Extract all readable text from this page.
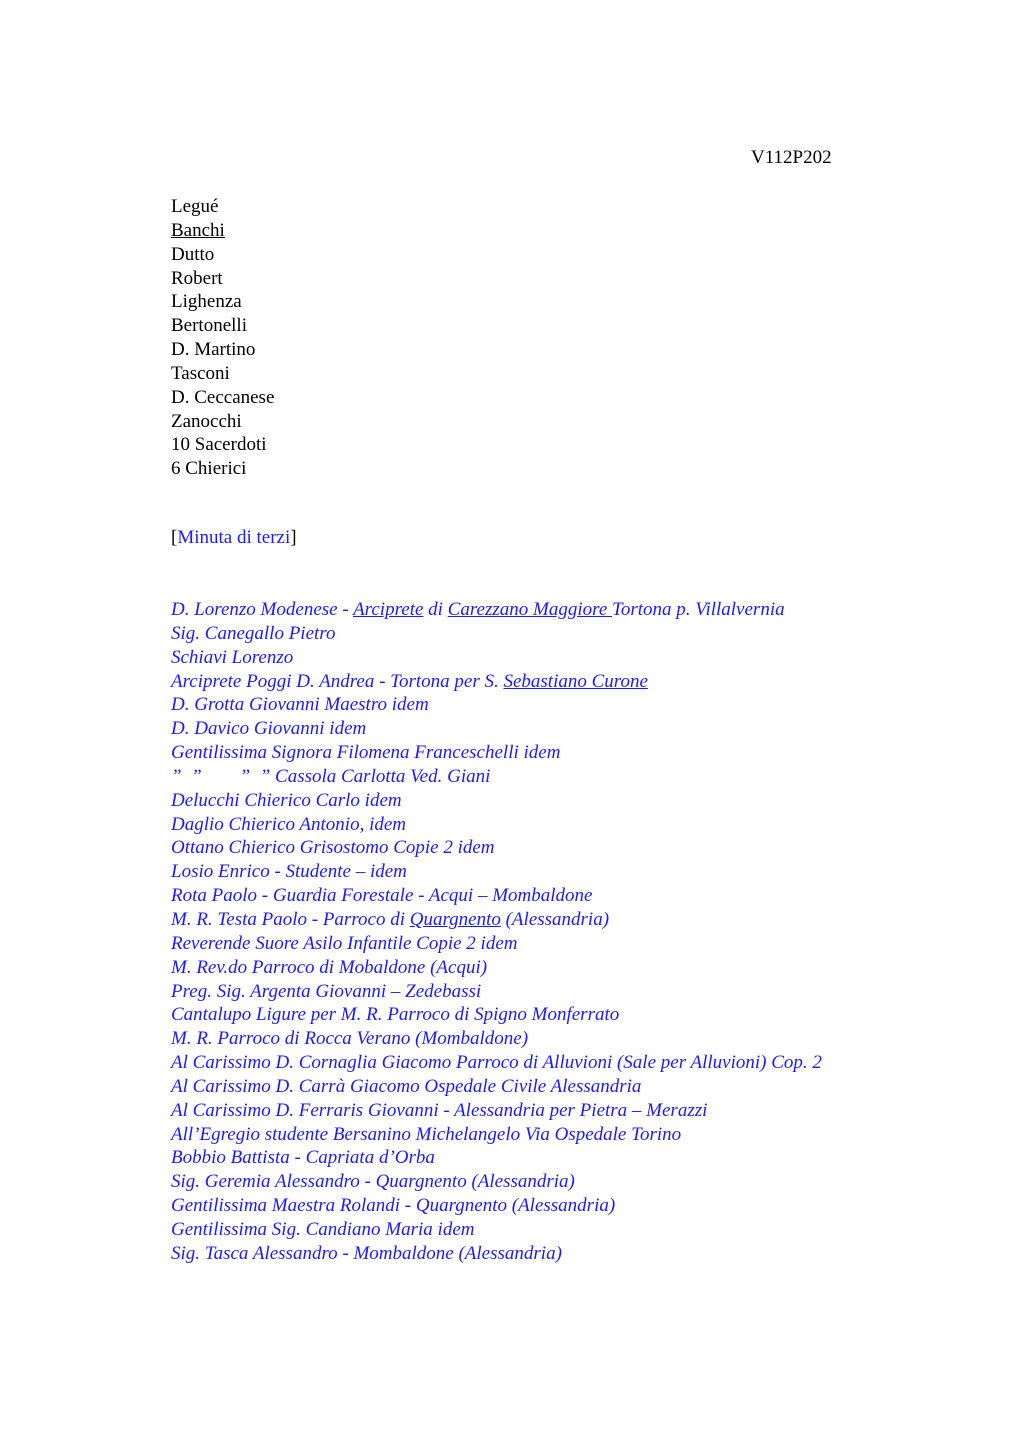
V112P202
Legué
Banchi
Dutto
Robert
Lighenza
Bertonelli
D. Martino
Tasconi
D. Ceccanese
Zanocchi
10 Sacerdoti
6 Chierici
[Minuta di terzi]
D. Lorenzo Modenese - Arciprete di Carezzano Maggiore Tortona p. Villalvernia
Sig. Canegallo Pietro
Schiavi Lorenzo
Arciprete Poggi D. Andrea - Tortona per S. Sebastiano Curone
D. Grotta Giovanni Maestro idem
D. Davico Giovanni idem
Gentilissima Signora Filomena Franceschelli idem
”  ”        ”  ” Cassola Carlotta Ved. Giani
Delucchi Chierico Carlo idem
Daglio Chierico Antonio, idem
Ottano Chierico Grisostomo Copie 2 idem
Losio Enrico - Studente – idem
Rota Paolo - Guardia Forestale - Acqui – Mombaldone
M. R. Testa Paolo - Parroco di Quargnento (Alessandria)
Reverende Suore Asilo Infantile Copie 2 idem
M. Rev.do Parroco di Mobaldone (Acqui)
Preg. Sig. Argenta Giovanni – Zedebassi
Cantalupo Ligure per M. R. Parroco di Spigno Monferrato
M. R. Parroco di Rocca Verano (Mombaldone)
Al Carissimo D. Cornaglia Giacomo Parroco di Alluvioni (Sale per Alluvioni) Cop. 2
Al Carissimo D. Carrà Giacomo Ospedale Civile Alessandria
Al Carissimo D. Ferraris Giovanni - Alessandria per Pietra – Merazzi
All’Egregio studente Bersanino Michelangelo Via Ospedale Torino
Bobbio Battista - Capriata d’Orba
Sig. Geremia Alessandro - Quargnento (Alessandria)
Gentilissima Maestra Rolandi - Quargnento (Alessandria)
Gentilissima Sig. Candiano Maria idem
Sig. Tasca Alessandro - Mombaldone (Alessandria)
